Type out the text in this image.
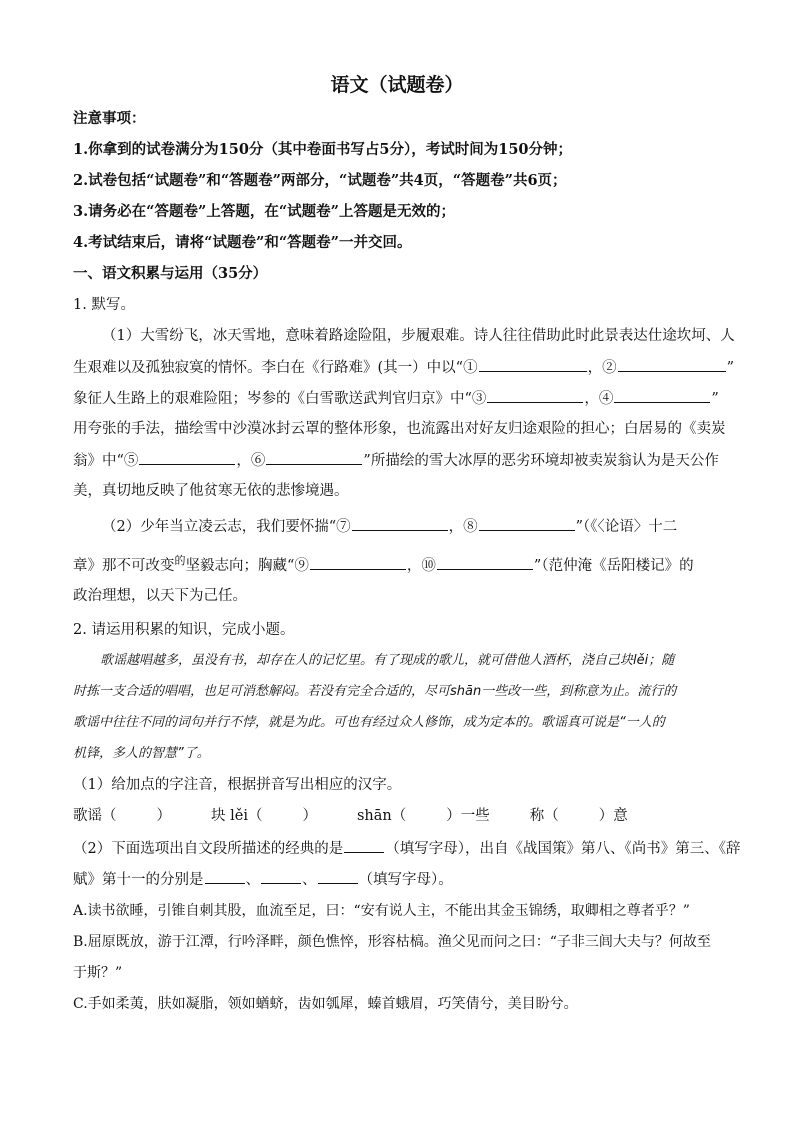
语文（试题卷）
注意事项：
1.你拿到的试卷满分为150分（其中卷面书写占5分），考试时间为150分钟；
2.试卷包括“试题卷”和“答题卷”两部分，“试题卷”共4页，“答题卷”共6页；
3.请务必在“答题卷”上答题，在“试题卷”上答题是无效的；
4.考试结束后，请将“试题卷”和“答题卷”一并交回。
一、语文积累与运用（35分）
1. 默写。
（1）大雪纷飞，冰天雪地，意味着路途险阻，步履艰难。诗人往往借助此时此景表达仕途坎坷、人
生艰难以及孤独寂寞的情怀。李白在《行路难》(其一）中以“①	，②	”
象征人生路上的艰难险阻；岑参的《白雪歌送武判官归京》中“③	，④	”
用夸张的手法，描绘雪中沙漠冰封云罩的整体形象，也流露出对好友归途艰险的担心；白居易的《卖炭
翁》中“⑤	，⑥	”所描绘的雪大冰厚的恶劣环境却被卖炭翁认为是天公作
美，真切地反映了他贫寒无依的悲惨境遇。
（2）少年当立凌云志，我们要怀揣“⑦	，⑧	”（《〈论语〉十二
章》那不可改变$^的$坚毅志向；胸藏“⑨	，⑩	”（范仲淹《岳阳楼记》的
政治理想，以天下为己任。
2. 请运用积累的知识，完成小题。
歌谣越唱越多，虽没有书，却存在人的记忆里。有了现成的歌儿，就可借他人酒杯，浇自己块lěi；随
时拣一支合适的唱唱，也足可消愁解闷。若没有完全合适的，尽可shān一些改一些，到称意为止。流行的
歌谣中往往不同的词句并行不悖，就是为此。可也有经过众人修饰，成为定本的。歌谣真可说是“一人的
机锋，多人的智慧”了。
（1）给加点的字注音，根据拼音写出相应的汉字。
歌谣（	）	块 lěi（	）	shān（	）一些	称（	）意
（2）下面选项出自文段所描述的经典的是	（填写字母），出自《战国策》第八、《尚书》第三、《辞
赋》第十一的分别是	、	、	（填写字母）。
A.读书欲睡，引锥自刺其股，血流至足，曰：“安有说人主，不能出其金玉锦绣，取卿相之尊者乎？”
B.屈原既放，游于江潭，行吟泽畔，颜色憔悴，形容枯槁。渔父见而问之曰：“子非三闾大夫与？何故至
于斯？”
C.手如柔荑，肤如凝脂，领如蝤蛴，齿如瓠犀，螓首蛾眉，巧笑倩兮，美目盼兮。
